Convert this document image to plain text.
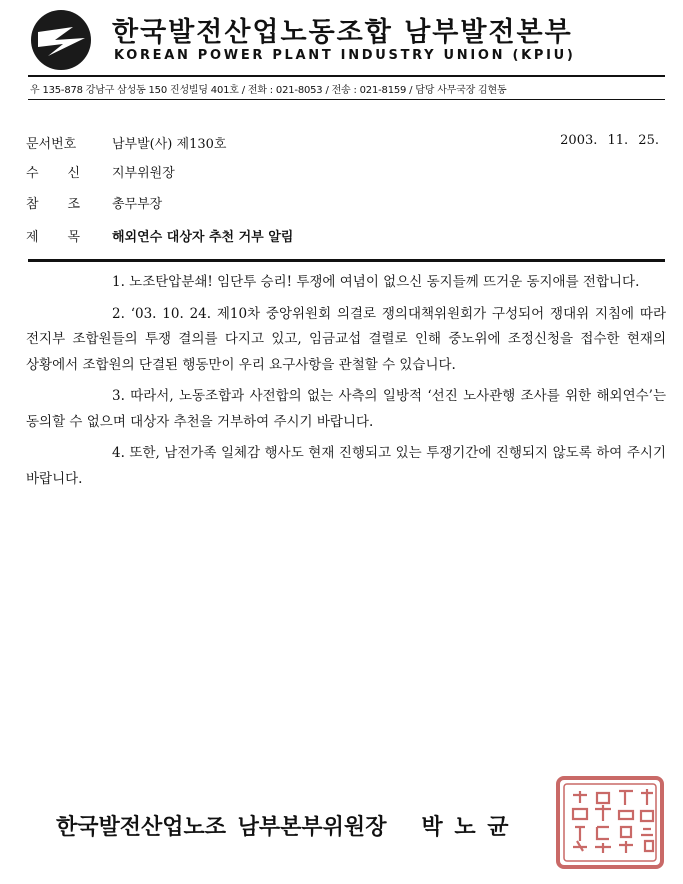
한국발전산업노동조합 남부발전본부
KOREAN POWER PLANT INDUSTRY UNION (KPIU)
우 135-878 강남구 삼성동 150 진성빌딩 401호 / 전화 : 021-8053 / 전송 : 021-8159 / 담당 사무국장 김현동
문서번호	남부발(사) 제130호	2003. 11. 25.
수       신 지부위원장
참       조 총무부장
제       목 해외연수 대상자 추천 거부 알림

1. 노조탄압분쇄! 임단투 승리! 투쟁에 여념이 없으신 동지들께 뜨거운 동지애를 전합니다.

2. ‘03. 10. 24. 제10차 중앙위원회 의결로 쟁의대책위원회가 구성되어 쟁대위 지침에 따라 전지부 조합원들의 투쟁 결의를 다지고 있고, 임금교섭 결렬로 인해 중노위에 조정신청을 접수한 현재의 상황에서 조합원의 단결된 행동만이 우리 요구사항을 관철할 수 있습니다.

3. 따라서, 노동조합과 사전합의 없는 사측의 일방적 ‘선진 노사관행 조사를 위한 해외연수’는 동의할 수 없으며 대상자 추천을 거부하여 주시기 바랍니다.

4. 또한, 남전가족 일체감 행사도 현재 진행되고 있는 투쟁기간에 진행되지 않도록 하여 주시기 바랍니다.

한국발전산업노조 남부본부위원장   박 노 균
